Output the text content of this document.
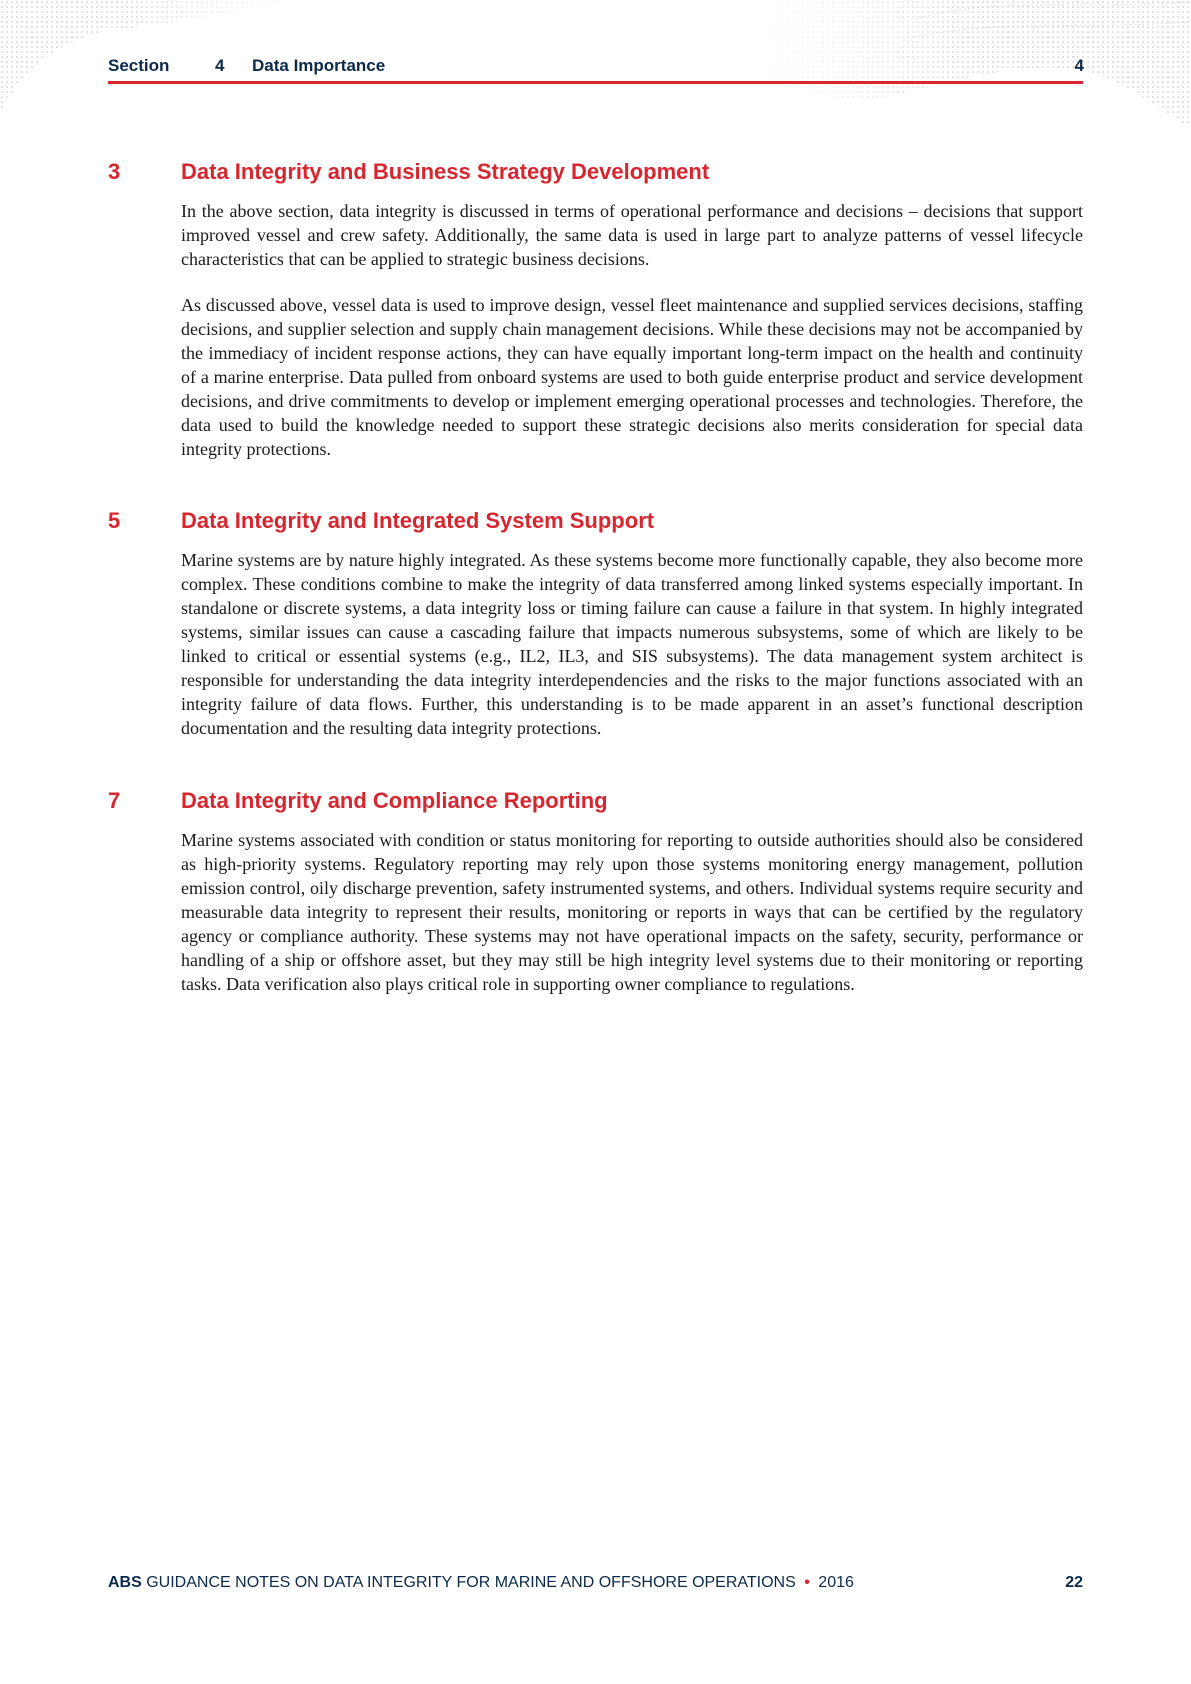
Section	4 Data Importance	4
3	Data Integrity and Business Strategy Development

In the above section, data integrity is discussed in terms of operational performance and decisions – decisions that support improved vessel and crew safety. Additionally, the same data is used in large part to analyze patterns of vessel lifecycle characteristics that can be applied to strategic business decisions.

As discussed above, vessel data is used to improve design, vessel fleet maintenance and supplied services decisions, staffing decisions, and supplier selection and supply chain management decisions. While these decisions may not be accompanied by the immediacy of incident response actions, they can have equally important long-term impact on the health and continuity of a marine enterprise. Data pulled from onboard systems are used to both guide enterprise product and service development decisions, and drive commitments to develop or implement emerging operational processes and technologies. Therefore, the data used to build the knowledge needed to support these strategic decisions also merits consideration for special data integrity protections.

5	Data Integrity and Integrated System Support

Marine systems are by nature highly integrated. As these systems become more functionally capable, they also become more complex. These conditions combine to make the integrity of data transferred among linked systems especially important. In standalone or discrete systems, a data integrity loss or timing failure can cause a failure in that system. In highly integrated systems, similar issues can cause a cascading failure that impacts numerous subsystems, some of which are likely to be linked to critical or essential systems (e.g., IL2, IL3, and SIS subsystems). The data management system architect is responsible for understanding the data integrity interdependencies and the risks to the major functions associated with an integrity failure of data flows. Further, this understanding is to be made apparent in an asset’s functional description documentation and the resulting data integrity protections.

7	Data Integrity and Compliance Reporting

Marine systems associated with condition or status monitoring for reporting to outside authorities should also be considered as high-priority systems. Regulatory reporting may rely upon those systems monitoring energy management, pollution emission control, oily discharge prevention, safety instrumented systems, and others. Individual systems require security and measurable data integrity to represent their results, monitoring or reports in ways that can be certified by the regulatory agency or compliance authority. These systems may not have operational impacts on the safety, security, performance or handling of a ship or offshore asset, but they may still be high integrity level systems due to their monitoring or reporting tasks. Data verification also plays critical role in supporting owner compliance to regulations.

ABS GUIDANCE NOTES ON DATA INTEGRITY FOR MARINE AND OFFSHORE OPERATIONS • 2016	22
